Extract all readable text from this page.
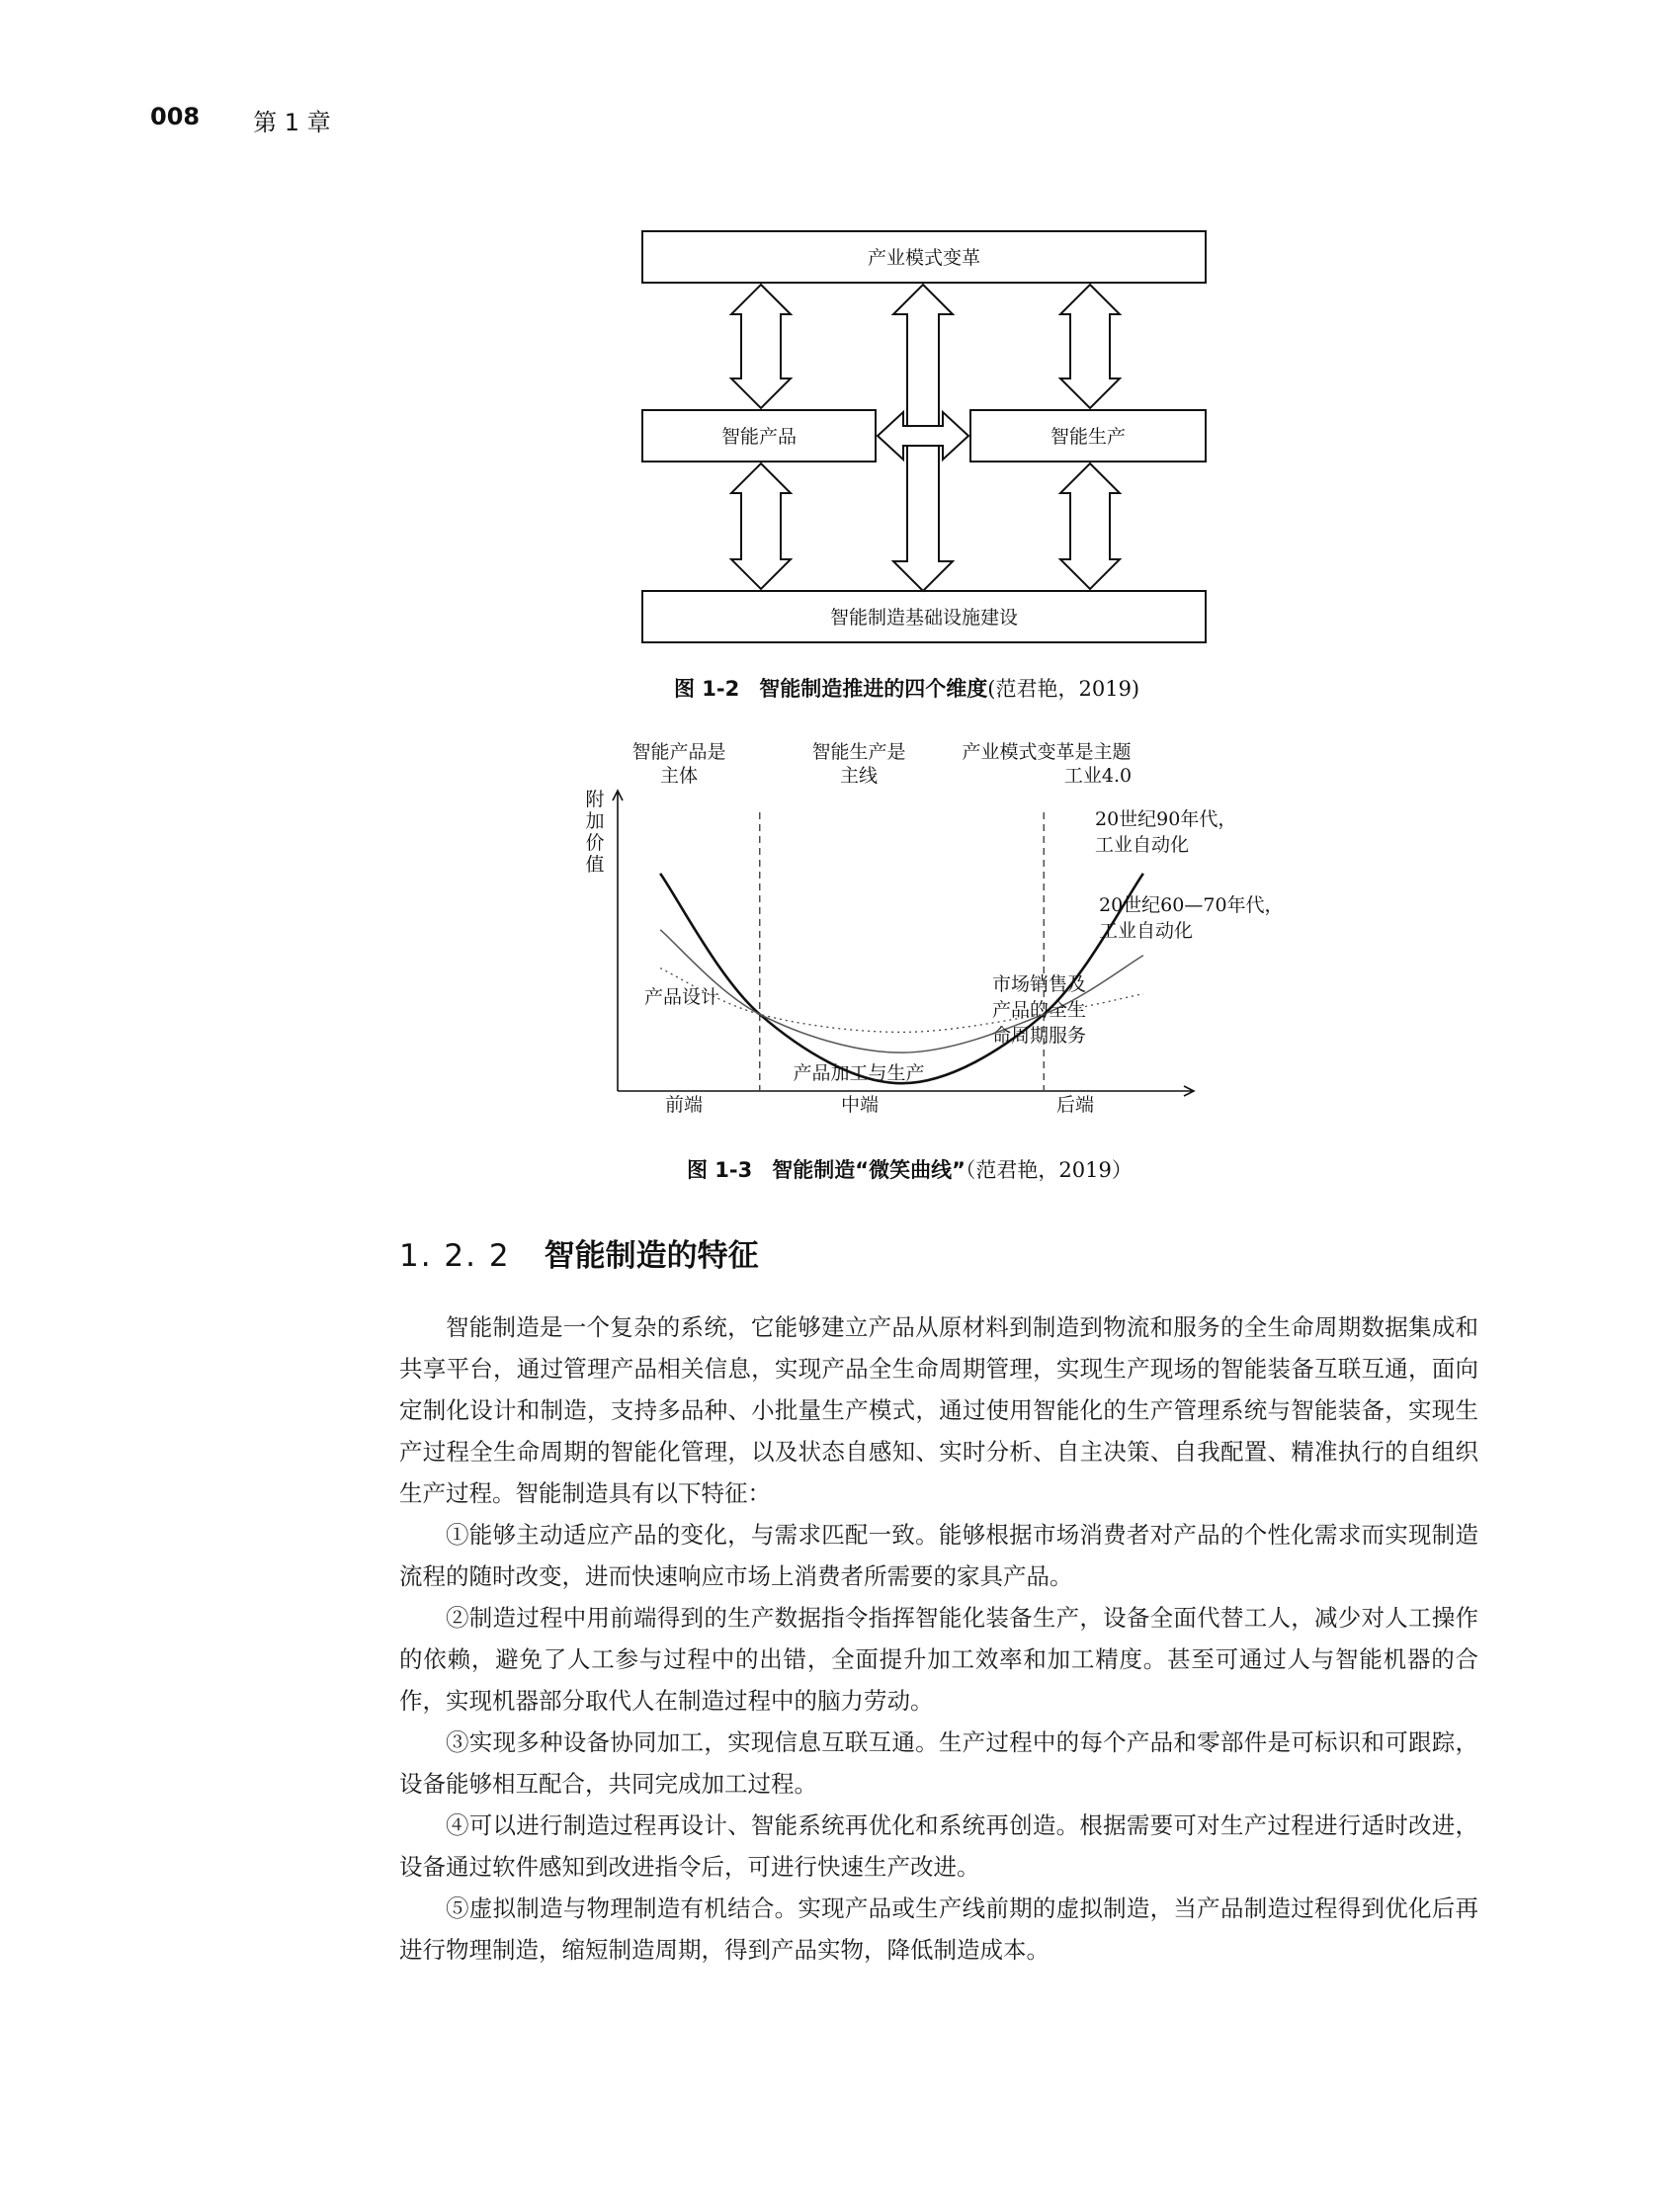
008 第 1 章
产业模式变革
智能产品	智能生产
智能制造基础设施建设
图 1-2 智能制造推进的四个维度(范君艳，2019)
智能产品是
主体
智能生产是
主线
产业模式变革是主题
工业4.0
20世纪90年代，
工业自动化
20世纪60—70年代，
工业自动化
产品设计
产品加工与生产
市场销售及
产品的全生
命周期服务
前端	中端	后端
附加价值
图 1-3 智能制造“微笑曲线”（范君艳，2019）
1. 2. 2 智能制造的特征

智能制造是一个复杂的系统，它能够建立产品从原材料到制造到物流和服务的全生命周期数据集成和共享平台，通过管理产品相关信息，实现产品全生命周期管理，实现生产现场的智能装备互联互通，面向定制化设计和制造，支持多品种、小批量生产模式，通过使用智能化的生产管理系统与智能装备，实现生产过程全生命周期的智能化管理，以及状态自感知、实时分析、自主决策、自我配置、精准执行的自组织生产过程。智能制造具有以下特征：

①能够主动适应产品的变化，与需求匹配一致。能够根据市场消费者对产品的个性化需求而实现制造流程的随时改变，进而快速响应市场上消费者所需要的家具产品。

②制造过程中用前端得到的生产数据指令指挥智能化装备生产，设备全面代替工人，减少对人工操作的依赖，避免了人工参与过程中的出错，全面提升加工效率和加工精度。甚至可通过人与智能机器的合作，实现机器部分取代人在制造过程中的脑力劳动。

③实现多种设备协同加工，实现信息互联互通。生产过程中的每个产品和零部件是可标识和可跟踪，设备能够相互配合，共同完成加工过程。

④可以进行制造过程再设计、智能系统再优化和系统再创造。根据需要可对生产过程进行适时改进，设备通过软件感知到改进指令后，可进行快速生产改进。

⑤虚拟制造与物理制造有机结合。实现产品或生产线前期的虚拟制造，当产品制造过程得到优化后再进行物理制造，缩短制造周期，得到产品实物，降低制造成本。
